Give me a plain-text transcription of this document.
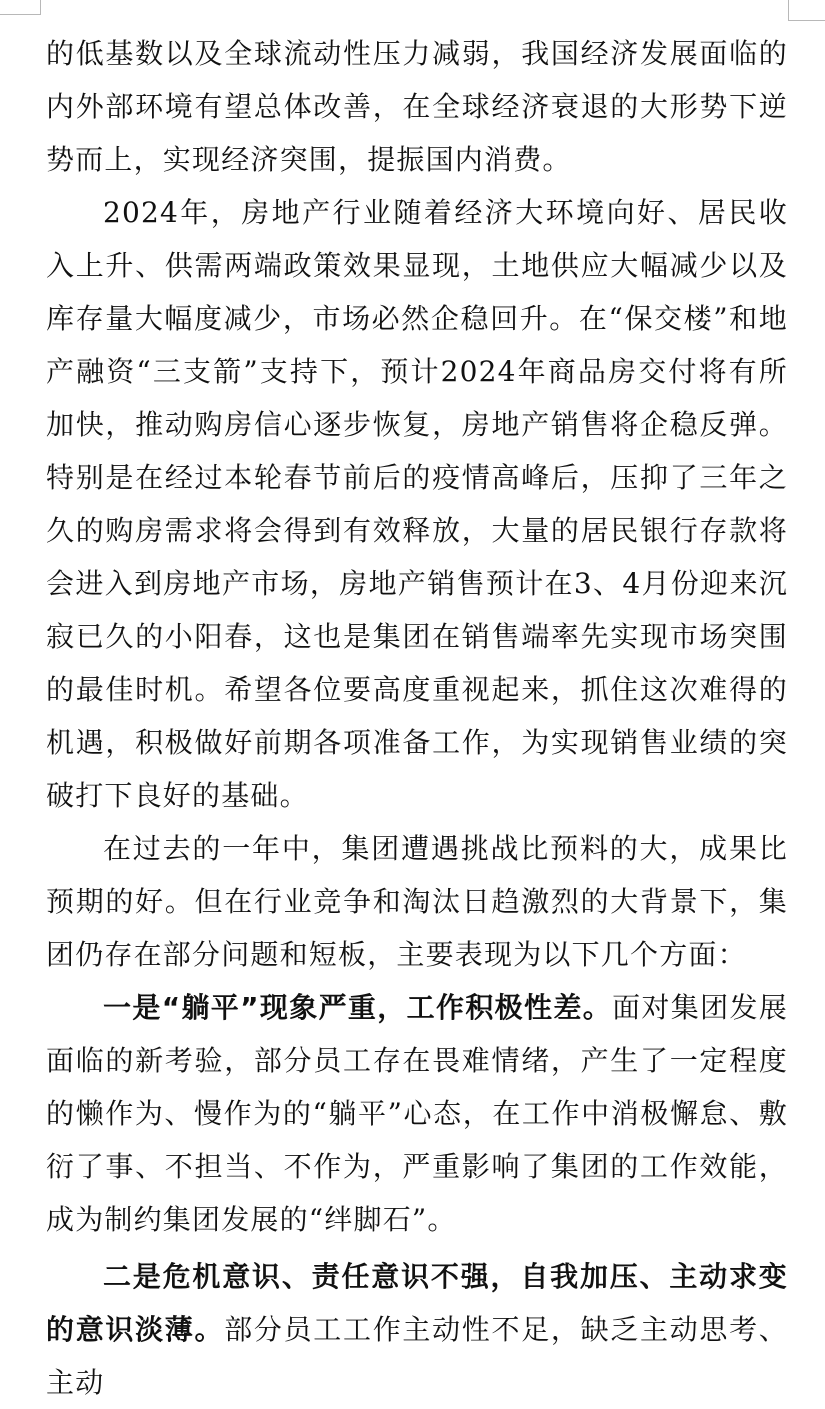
的低基数以及全球流动性压力减弱，我国经济发展面临的内外部环境有望总体改善，在全球经济衰退的大形势下逆势而上，实现经济突围，提振国内消费。

2024年，房地产行业随着经济大环境向好、居民收入上升、供需两端政策效果显现，土地供应大幅减少以及库存量大幅度减少，市场必然企稳回升。在“保交楼”和地产融资“三支箭”支持下，预计2024年商品房交付将有所加快，推动购房信心逐步恢复，房地产销售将企稳反弹。特别是在经过本轮春节前后的疫情高峰后，压抑了三年之久的购房需求将会得到有效释放，大量的居民银行存款将会进入到房地产市场，房地产销售预计在3、4月份迎来沉寂已久的小阳春，这也是集团在销售端率先实现市场突围的最佳时机。希望各位要高度重视起来，抓住这次难得的机遇，积极做好前期各项准备工作，为实现销售业绩的突破打下良好的基础。

在过去的一年中，集团遭遇挑战比预料的大，成果比预期的好。但在行业竞争和淘汰日趋激烈的大背景下，集团仍存在部分问题和短板，主要表现为以下几个方面：

一是“躺平”现象严重，工作积极性差。面对集团发展面临的新考验，部分员工存在畏难情绪，产生了一定程度的懒作为、慢作为的“躺平”心态，在工作中消极懈怠、敷衍了事、不担当、不作为，严重影响了集团的工作效能，成为制约集团发展的“绊脚石”。

二是危机意识、责任意识不强，自我加压、主动求变的意识淡薄。部分员工工作主动性不足，缺乏主动思考、主动
